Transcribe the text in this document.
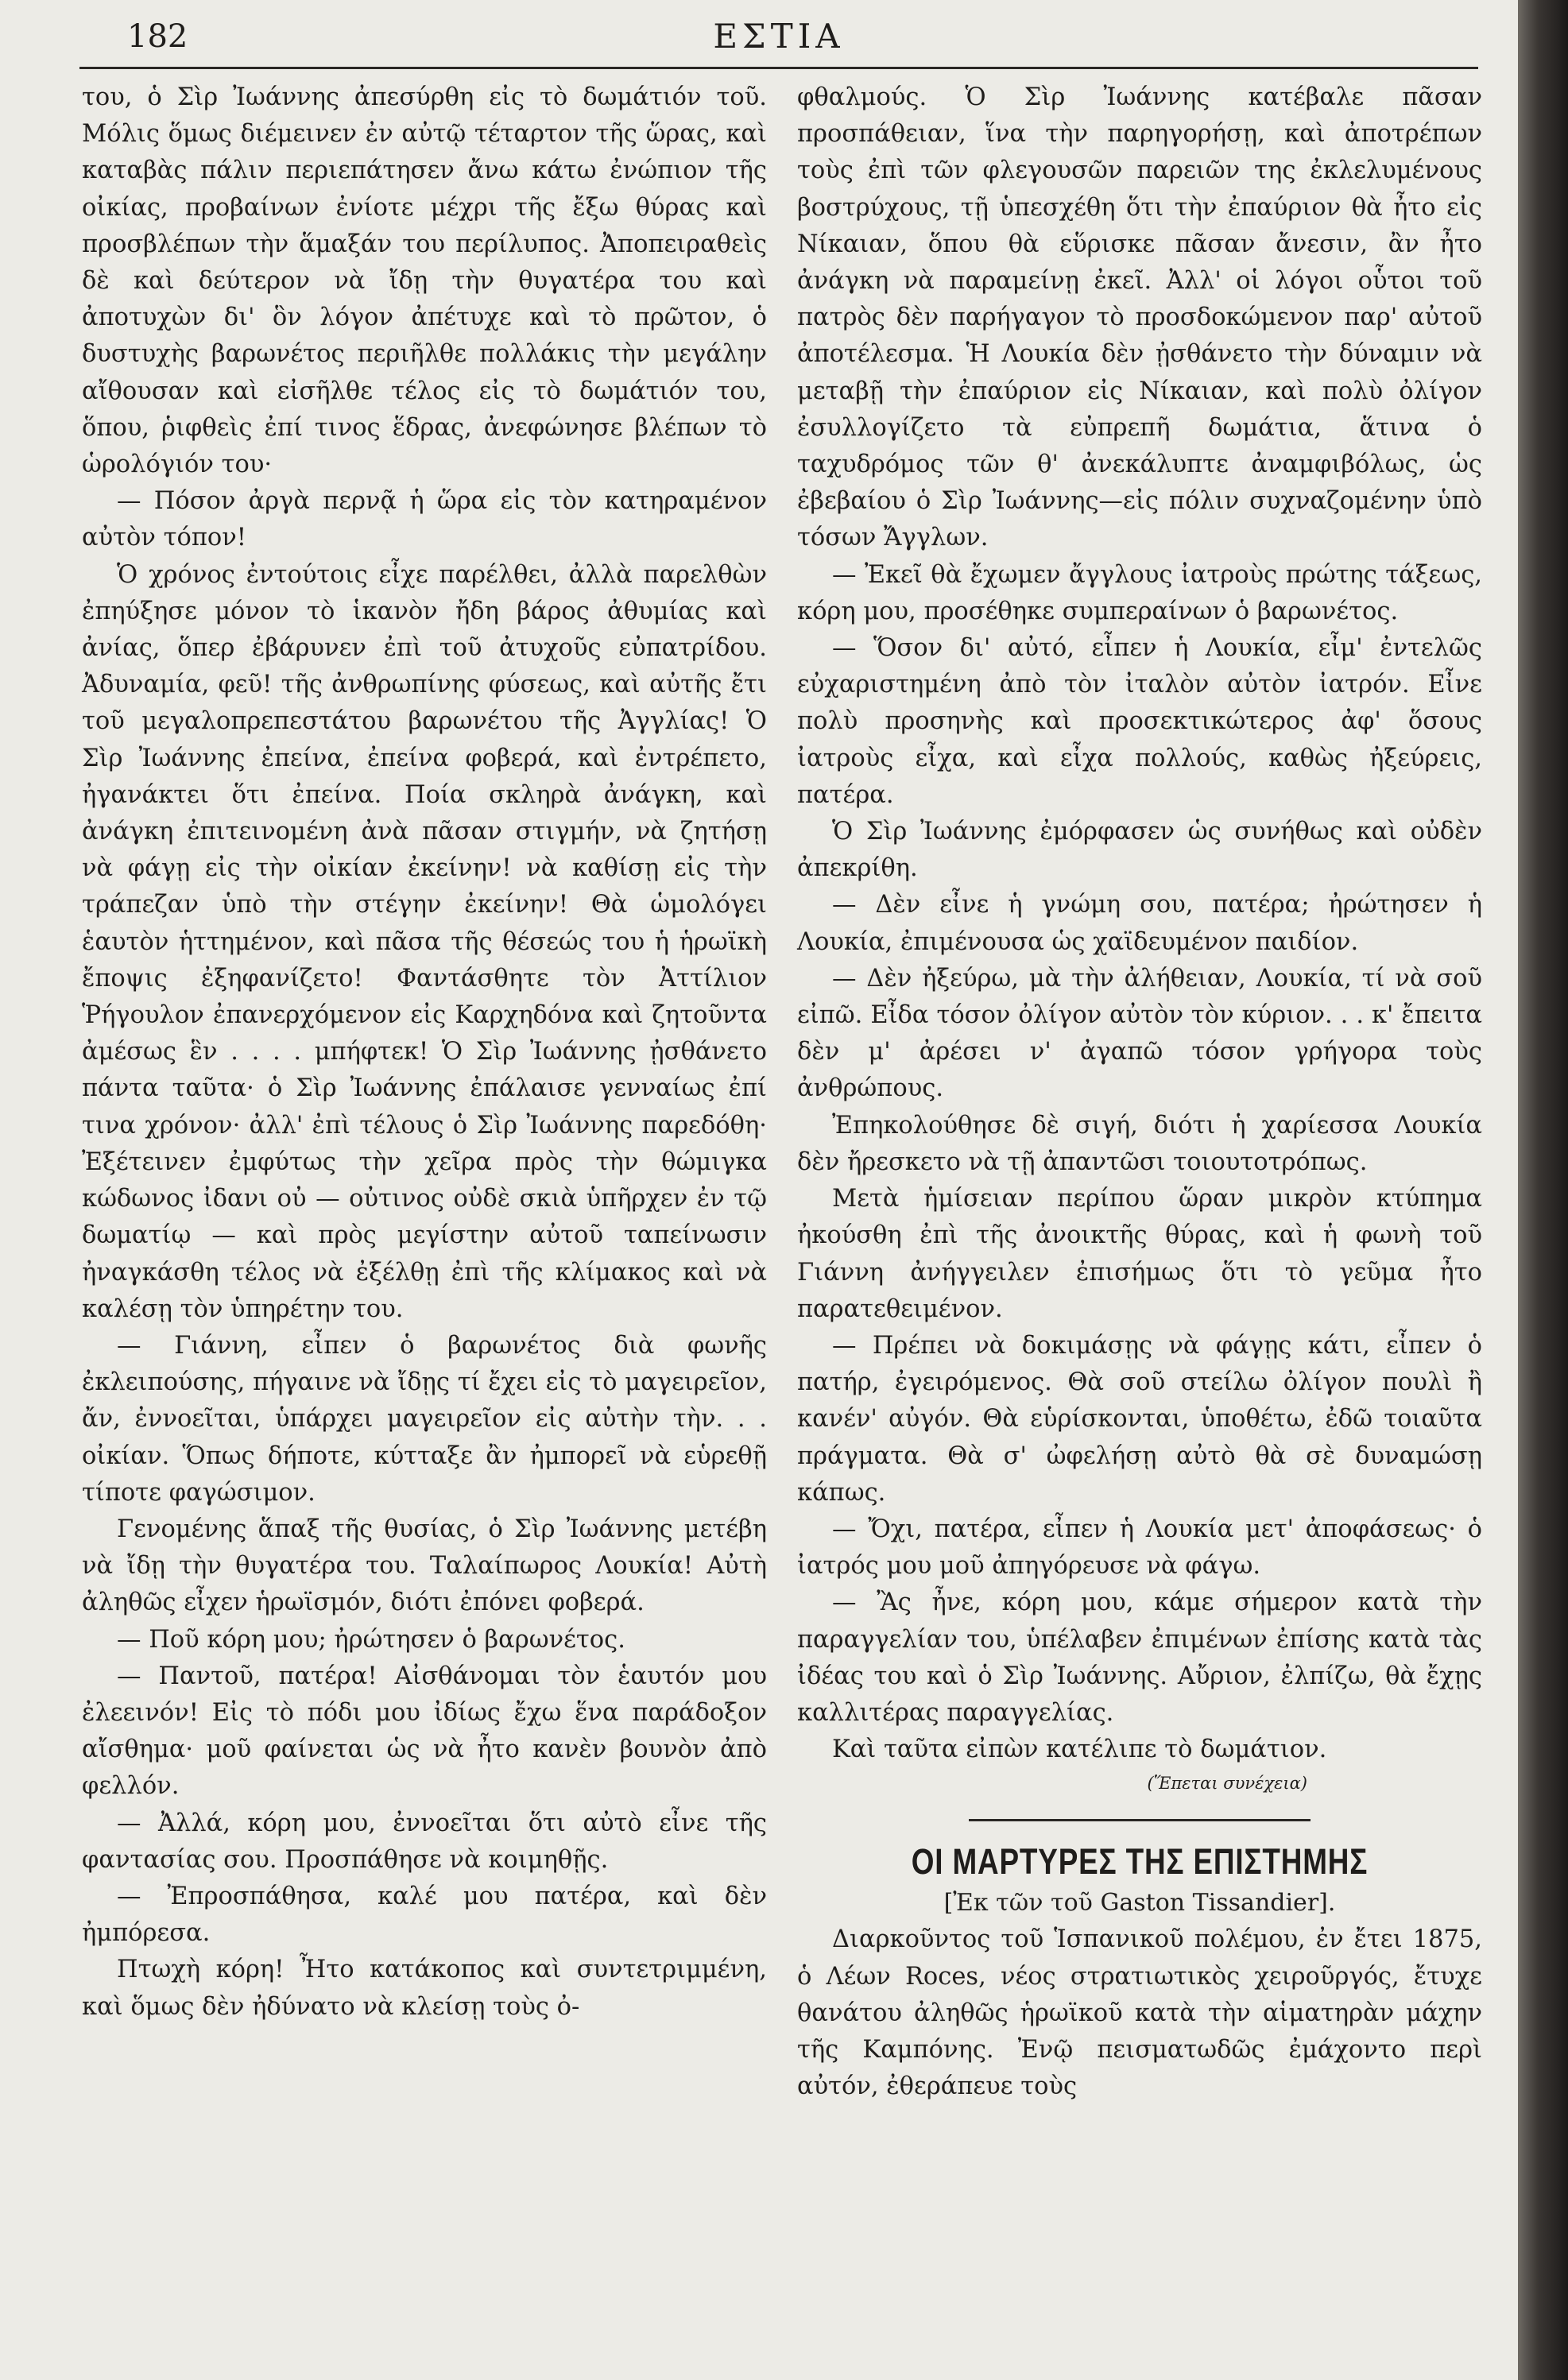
182	ΕΣΤΙΑ

του, ὁ Σὶρ Ἰωάννης ἀπεσύρθη εἰς τὸ δωμάτιόν τοῦ. Μόλις ὅμως διέμεινεν ἐν αὐτῷ τέταρτον τῆς ὥρας, καὶ καταβὰς πάλιν περιεπάτησεν ἄνω κάτω ἐνώπιον τῆς οἰκίας, προβαίνων ἐνίοτε μέχρι τῆς ἔξω θύρας καὶ προσβλέπων τὴν ἅμαξάν του περίλυπος. Ἀποπειραθεὶς δὲ καὶ δεύτερον νὰ ἴδῃ τὴν θυγατέρα του καὶ ἀποτυχὼν δι' ὃν λόγον ἀπέτυχε καὶ τὸ πρῶτον, ὁ δυστυχὴς βαρωνέτος περιῆλθε πολλάκις τὴν μεγάλην αἴθουσαν καὶ εἰσῆλθε τέλος εἰς τὸ δωμάτιόν του, ὅπου, ῥιφθεὶς ἐπί τινος ἕδρας, ἀνεφώνησε βλέπων τὸ ὡρολόγιόν του·

— Πόσον ἀργὰ περνᾷ ἡ ὥρα εἰς τὸν κατηραμένον αὐτὸν τόπον!

Ὁ χρόνος ἐντούτοις εἶχε παρέλθει, ἀλλὰ παρελθὼν ἐπηύξησε μόνον τὸ ἱκανὸν ἤδη βάρος ἀθυμίας καὶ ἀνίας, ὅπερ ἐβάρυνεν ἐπὶ τοῦ ἀτυχοῦς εὐπατρίδου. Ἀδυναμία, φεῦ! τῆς ἀνθρωπίνης φύσεως, καὶ αὐτῆς ἔτι τοῦ μεγαλοπρεπεστάτου βαρωνέτου τῆς Ἀγγλίας! Ὁ Σὶρ Ἰωάννης ἐπείνα, ἐπείνα φοβερά, καὶ ἐντρέπετο, ἠγανάκτει ὅτι ἐπείνα. Ποία σκληρὰ ἀνάγκη, καὶ ἀνάγκη ἐπιτεινομένη ἀνὰ πᾶσαν στιγμήν, νὰ ζητήσῃ νὰ φάγῃ εἰς τὴν οἰκίαν ἐκείνην! νὰ καθίσῃ εἰς τὴν τράπεζαν ὑπὸ τὴν στέγην ἐκείνην! Θὰ ὡμολόγει ἑαυτὸν ἡττημένον, καὶ πᾶσα τῆς θέσεώς του ἡ ἡρωϊκὴ ἔποψις ἐξηφανίζετο! Φαντάσθητε τὸν Ἀττίλιον Ῥήγουλον ἐπανερχόμενον εἰς Καρχηδόνα καὶ ζητοῦντα ἀμέσως ἓν . . . . μπήφτεκ! Ὁ Σὶρ Ἰωάννης ᾐσθάνετο πάντα ταῦτα· ὁ Σὶρ Ἰωάννης ἐπάλαισε γενναίως ἐπί τινα χρόνον· ἀλλ' ἐπὶ τέλους ὁ Σὶρ Ἰωάννης παρεδόθη· Ἐξέτεινεν ἐμφύτως τὴν χεῖρα πρὸς τὴν θώμιγκα κώδωνος ἰδανι οὐ — οὐτινος οὐδὲ σκιὰ ὑπῆρχεν ἐν τῷ δωματίῳ — καὶ πρὸς μεγίστην αὐτοῦ ταπείνωσιν ἠναγκάσθη τέλος νὰ ἐξέλθῃ ἐπὶ τῆς κλίμακος καὶ νὰ καλέσῃ τὸν ὑπηρέτην του.

— Γιάννη, εἶπεν ὁ βαρωνέτος διὰ φωνῆς ἐκλειπούσης, πήγαινε νὰ ἴδῃς τί ἔχει εἰς τὸ μαγειρεῖον, ἄν, ἐννοεῖται, ὑπάρχει μαγειρεῖον εἰς αὐτὴν τὴν. . . οἰκίαν. Ὅπως δήποτε, κύτταξε ἂν ἠμπορεῖ νὰ εὑρεθῇ τίποτε φαγώσιμον.

Γενομένης ἅπαξ τῆς θυσίας, ὁ Σὶρ Ἰωάννης μετέβη νὰ ἴδῃ τὴν θυγατέρα του. Ταλαίπωρος Λουκία! Αὐτὴ ἀληθῶς εἶχεν ἡρωϊσμόν, διότι ἐπόνει φοβερά.

— Ποῦ κόρη μου; ἠρώτησεν ὁ βαρωνέτος.

— Παντοῦ, πατέρα! Αἰσθάνομαι τὸν ἑαυτόν μου ἐλεεινόν! Εἰς τὸ πόδι μου ἰδίως ἔχω ἕνα παράδοξον αἴσθημα· μοῦ φαίνεται ὡς νὰ ἦτο κανὲν βουνὸν ἀπὸ φελλόν.

— Ἀλλά, κόρη μου, ἐννοεῖται ὅτι αὐτὸ εἶνε τῆς φαντασίας σου. Προσπάθησε νὰ κοιμηθῇς.

— Ἐπροσπάθησα, καλέ μου πατέρα, καὶ δὲν ἠμπόρεσα.

Πτωχὴ κόρη! Ἦτο κατάκοπος καὶ συντετριμμένη, καὶ ὅμως δὲν ἠδύνατο νὰ κλείσῃ τοὺς ὀ-

φθαλμούς. Ὁ Σὶρ Ἰωάννης κατέβαλε πᾶσαν προσπάθειαν, ἵνα τὴν παρηγορήσῃ, καὶ ἀποτρέπων τοὺς ἐπὶ τῶν φλεγουσῶν παρειῶν της ἐκλελυμένους βοστρύχους, τῇ ὑπεσχέθη ὅτι τὴν ἐπαύριον θὰ ἦτο εἰς Νίκαιαν, ὅπου θὰ εὕρισκε πᾶσαν ἄνεσιν, ἂν ἦτο ἀνάγκη νὰ παραμείνῃ ἐκεῖ. Ἀλλ' οἱ λόγοι οὗτοι τοῦ πατρὸς δὲν παρήγαγον τὸ προσδοκώμενον παρ' αὐτοῦ ἀποτέλεσμα. Ἡ Λουκία δὲν ᾐσθάνετο τὴν δύναμιν νὰ μεταβῇ τὴν ἐπαύριον εἰς Νίκαιαν, καὶ πολὺ ὀλίγον ἐσυλλογίζετο τὰ εὐπρεπῆ δωμάτια, ἅτινα ὁ ταχυδρόμος τῶν θ' ἀνεκάλυπτε ἀναμφιβόλως, ὡς ἐβεβαίου ὁ Σὶρ Ἰωάννης—εἰς πόλιν συχναζομένην ὑπὸ τόσων Ἄγγλων.

— Ἐκεῖ θὰ ἔχωμεν ἄγγλους ἰατροὺς πρώτης τάξεως, κόρη μου, προσέθηκε συμπεραίνων ὁ βαρωνέτος.

— Ὅσον δι' αὐτό, εἶπεν ἡ Λουκία, εἶμ' ἐντελῶς εὐχαριστημένη ἀπὸ τὸν ἰταλὸν αὐτὸν ἰατρόν. Εἶνε πολὺ προσηνὴς καὶ προσεκτικώτερος ἀφ' ὅσους ἰατροὺς εἶχα, καὶ εἶχα πολλούς, καθὼς ἠξεύρεις, πατέρα.

Ὁ Σὶρ Ἰωάννης ἐμόρφασεν ὡς συνήθως καὶ οὐδὲν ἀπεκρίθη.

— Δὲν εἶνε ἡ γνώμη σου, πατέρα; ἠρώτησεν ἡ Λουκία, ἐπιμένουσα ὡς χαϊδευμένον παιδίον.

— Δὲν ἠξεύρω, μὰ τὴν ἀλήθειαν, Λουκία, τί νὰ σοῦ εἰπῶ. Εἶδα τόσον ὀλίγον αὐτὸν τὸν κύριον. . . κ' ἔπειτα δὲν μ' ἀρέσει ν' ἀγαπῶ τόσον γρήγορα τοὺς ἀνθρώπους.

Ἐπηκολούθησε δὲ σιγή, διότι ἡ χαρίεσσα Λουκία δὲν ἤρεσκετο νὰ τῇ ἀπαντῶσι τοιουτοτρόπως.

Μετὰ ἡμίσειαν περίπου ὥραν μικρὸν κτύπημα ἠκούσθη ἐπὶ τῆς ἀνοικτῆς θύρας, καὶ ἡ φωνὴ τοῦ Γιάννη ἀνήγγειλεν ἐπισήμως ὅτι τὸ γεῦμα ἦτο παρατεθειμένον.

— Πρέπει νὰ δοκιμάσῃς νὰ φάγῃς κάτι, εἶπεν ὁ πατήρ, ἐγειρόμενος. Θὰ σοῦ στείλω ὀλίγον πουλὶ ἢ κανέν' αὐγόν. Θὰ εὑρίσκονται, ὑποθέτω, ἐδῶ τοιαῦτα πράγματα. Θὰ σ' ὠφελήσῃ αὐτὸ θὰ σὲ δυναμώσῃ κάπως.

— Ὄχι, πατέρα, εἶπεν ἡ Λουκία μετ' ἀποφάσεως· ὁ ἰατρός μου μοῦ ἀπηγόρευσε νὰ φάγω.

— Ἂς ἦνε, κόρη μου, κάμε σήμερον κατὰ τὴν παραγγελίαν του, ὑπέλαβεν ἐπιμένων ἐπίσης κατὰ τὰς ἰδέας του καὶ ὁ Σὶρ Ἰωάννης. Αὔριον, ἐλπίζω, θὰ ἔχῃς καλλιτέρας παραγγελίας.

Καὶ ταῦτα εἰπὼν κατέλιπε τὸ δωμάτιον.

(Ἕπεται συνέχεια)
ΟΙ ΜΑΡΤΥΡΕΣ ΤΗΣ ΕΠΙΣΤΗΜΗΣ
[Ἐκ τῶν τοῦ Gaston Tissandier].

Διαρκοῦντος τοῦ Ἱσπανικοῦ πολέμου, ἐν ἔτει 1875, ὁ Λέων Roces, νέος στρατιωτικὸς χειροῦργός, ἔτυχε θανάτου ἀληθῶς ἡρωϊκοῦ κατὰ τὴν αἱματηρὰν μάχην τῆς Καμπόνης. Ἐνῷ πεισματωδῶς ἐμάχοντο περὶ αὐτόν, ἐθεράπευε τοὺς
